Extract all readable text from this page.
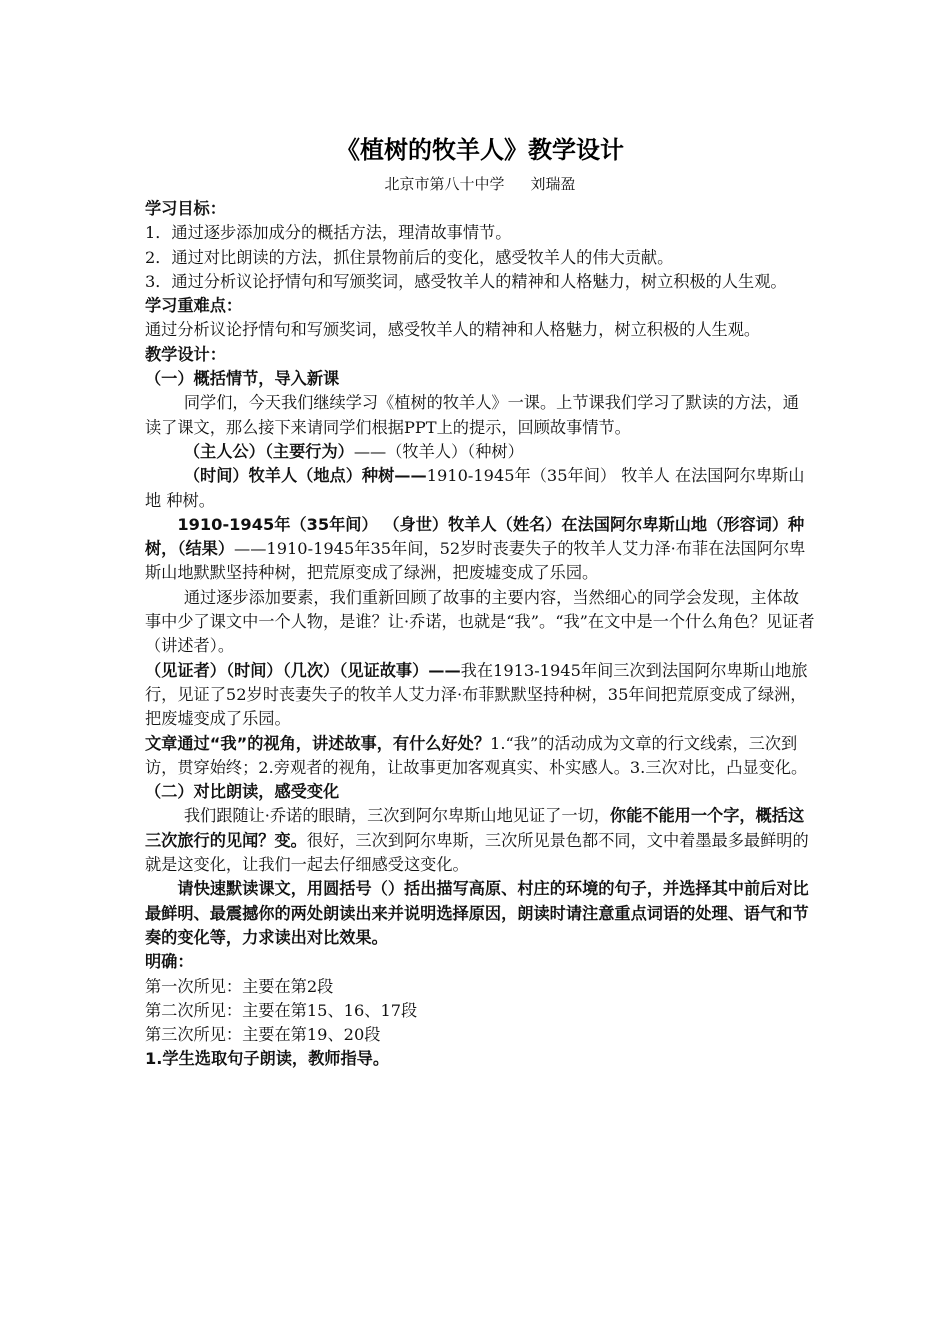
《植树的牧羊人》教学设计
北京市第八十中学 刘瑞盈

学习目标：

1．通过逐步添加成分的概括方法，理清故事情节。

2．通过对比朗读的方法，抓住景物前后的变化，感受牧羊人的伟大贡献。

3．通过分析议论抒情句和写颁奖词，感受牧羊人的精神和人格魅力，树立积极的人生观。

学习重难点：

通过分析议论抒情句和写颁奖词，感受牧羊人的精神和人格魅力，树立积极的人生观。

教学设计：

（一）概括情节，导入新课

同学们，今天我们继续学习《植树的牧羊人》一课。上节课我们学习了默读的方法，通读了课文，那么接下来请同学们根据PPT上的提示，回顾故事情节。

（主人公）（主要行为）——（牧羊人）（种树）

（时间）牧羊人（地点）种树——1910-1945年（35年间） 牧羊人 在法国阿尔卑斯山地 种树。

1910-1945年（35年间） （身世）牧羊人（姓名）在法国阿尔卑斯山地（形容词）种树，（结果）——1910-1945年35年间，52岁时丧妻失子的牧羊人艾力泽·布菲在法国阿尔卑斯山地默默坚持种树，把荒原变成了绿洲，把废墟变成了乐园。

通过逐步添加要素，我们重新回顾了故事的主要内容，当然细心的同学会发现，主体故事中少了课文中一个人物，是谁？让·乔诺，也就是“我”。“我”在文中是一个什么角色？见证者（讲述者）。

（见证者）（时间）（几次）（见证故事）——我在1913-1945年间三次到法国阿尔卑斯山地旅行，见证了52岁时丧妻失子的牧羊人艾力泽·布菲默默坚持种树，35年间把荒原变成了绿洲，把废墟变成了乐园。

文章通过“我”的视角，讲述故事，有什么好处？1.“我”的活动成为文章的行文线索，三次到访，贯穿始终；2.旁观者的视角，让故事更加客观真实、朴实感人。3.三次对比，凸显变化。

（二）对比朗读，感受变化

我们跟随让·乔诺的眼睛，三次到阿尔卑斯山地见证了一切，你能不能用一个字，概括这三次旅行的见闻？变。很好，三次到阿尔卑斯，三次所见景色都不同，文中着墨最多最鲜明的就是这变化，让我们一起去仔细感受这变化。

请快速默读课文，用圆括号（）括出描写高原、村庄的环境的句子，并选择其中前后对比最鲜明、最震撼你的两处朗读出来并说明选择原因，朗读时请注意重点词语的处理、语气和节奏的变化等，力求读出对比效果。

明确：

第一次所见：主要在第2段

第二次所见：主要在第15、16、17段

第三次所见：主要在第19、20段

1.学生选取句子朗读，教师指导。
